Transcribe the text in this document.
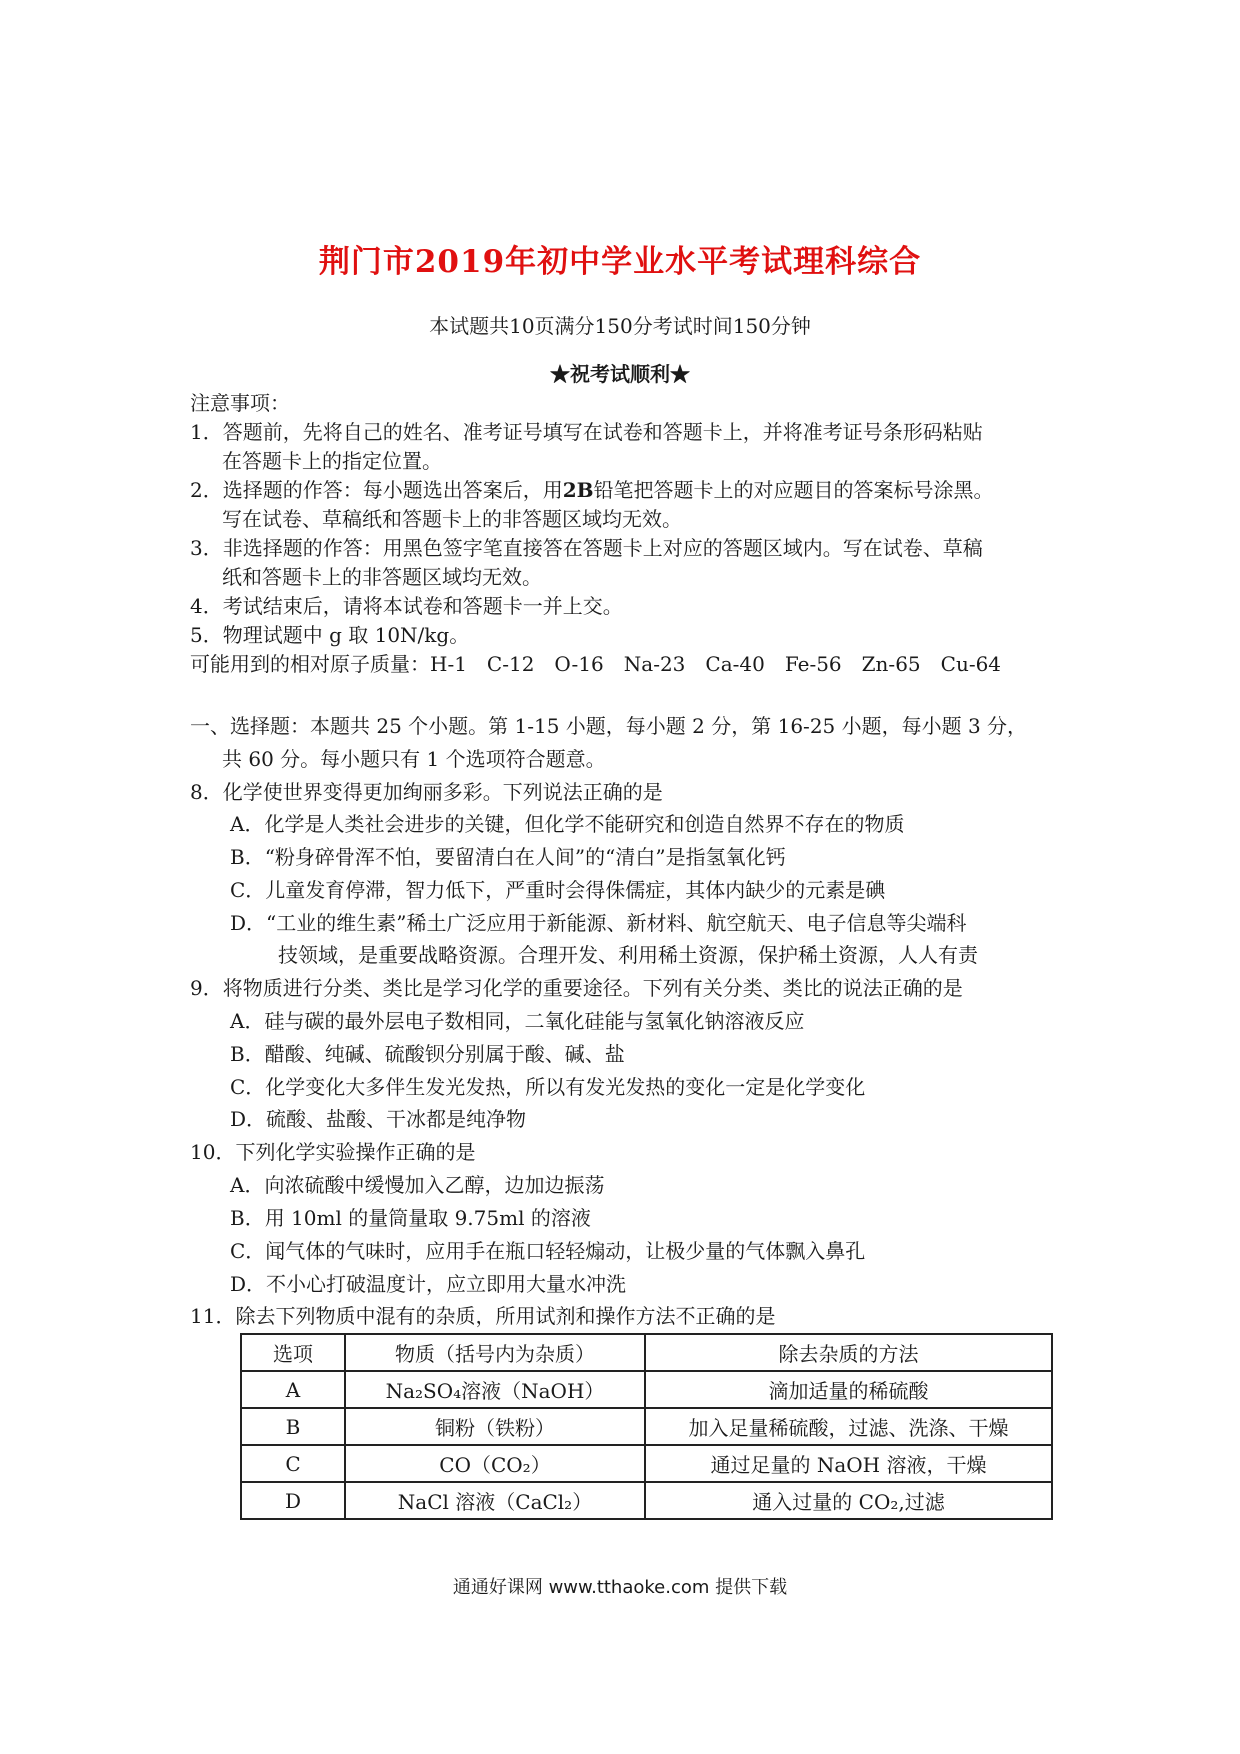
荆门市2019年初中学业水平考试理科综合
本试题共10页满分150分考试时间150分钟
★祝考试顺利★
注意事项：
1．答题前，先将自己的姓名、准考证号填写在试卷和答题卡上，并将准考证号条形码粘贴
在答题卡上的指定位置。
2．选择题的作答：每小题选出答案后，用2B铅笔把答题卡上的对应题目的答案标号涂黑。
写在试卷、草稿纸和答题卡上的非答题区域均无效。
3．非选择题的作答：用黑色签字笔直接答在答题卡上对应的答题区域内。写在试卷、草稿
纸和答题卡上的非答题区域均无效。
4．考试结束后，请将本试卷和答题卡一并上交。
5．物理试题中 g 取 10N/kg。
可能用到的相对原子质量：H-1　C-12　O-16　Na-23　Ca-40　Fe-56　Zn-65　Cu-64
一、选择题：本题共 25 个小题。第 1-15 小题，每小题 2 分，第 16-25 小题，每小题 3 分，
共 60 分。每小题只有 1 个选项符合题意。
8．化学使世界变得更加绚丽多彩。下列说法正确的是
A．化学是人类社会进步的关键，但化学不能研究和创造自然界不存在的物质
B．“粉身碎骨浑不怕，要留清白在人间”的“清白”是指氢氧化钙
C．儿童发育停滞，智力低下，严重时会得侏儒症，其体内缺少的元素是碘
D．“工业的维生素”稀土广泛应用于新能源、新材料、航空航天、电子信息等尖端科
技领域，是重要战略资源。合理开发、利用稀土资源，保护稀土资源，人人有责
9．将物质进行分类、类比是学习化学的重要途径。下列有关分类、类比的说法正确的是
A．硅与碳的最外层电子数相同，二氧化硅能与氢氧化钠溶液反应
B．醋酸、纯碱、硫酸钡分别属于酸、碱、盐
C．化学变化大多伴生发光发热，所以有发光发热的变化一定是化学变化
D．硫酸、盐酸、干冰都是纯净物
10．下列化学实验操作正确的是
A．向浓硫酸中缓慢加入乙醇，边加边振荡
B．用 10ml 的量筒量取 9.75ml 的溶液
C．闻气体的气味时，应用手在瓶口轻轻煽动，让极少量的气体飘入鼻孔
D．不小心打破温度计，应立即用大量水冲洗
11．除去下列物质中混有的杂质，所用试剂和操作方法不正确的是
选项	物质（括号内为杂质）	除去杂质的方法
A	Na₂SO₄溶液（NaOH）	滴加适量的稀硫酸
B	铜粉（铁粉）	加入足量稀硫酸，过滤、洗涤、干燥
C	CO（CO₂）	通过足量的 NaOH 溶液，干燥
D	NaCl 溶液（CaCl₂）	通入过量的 CO₂,过滤
通通好课网 www.tthaoke.com 提供下载
